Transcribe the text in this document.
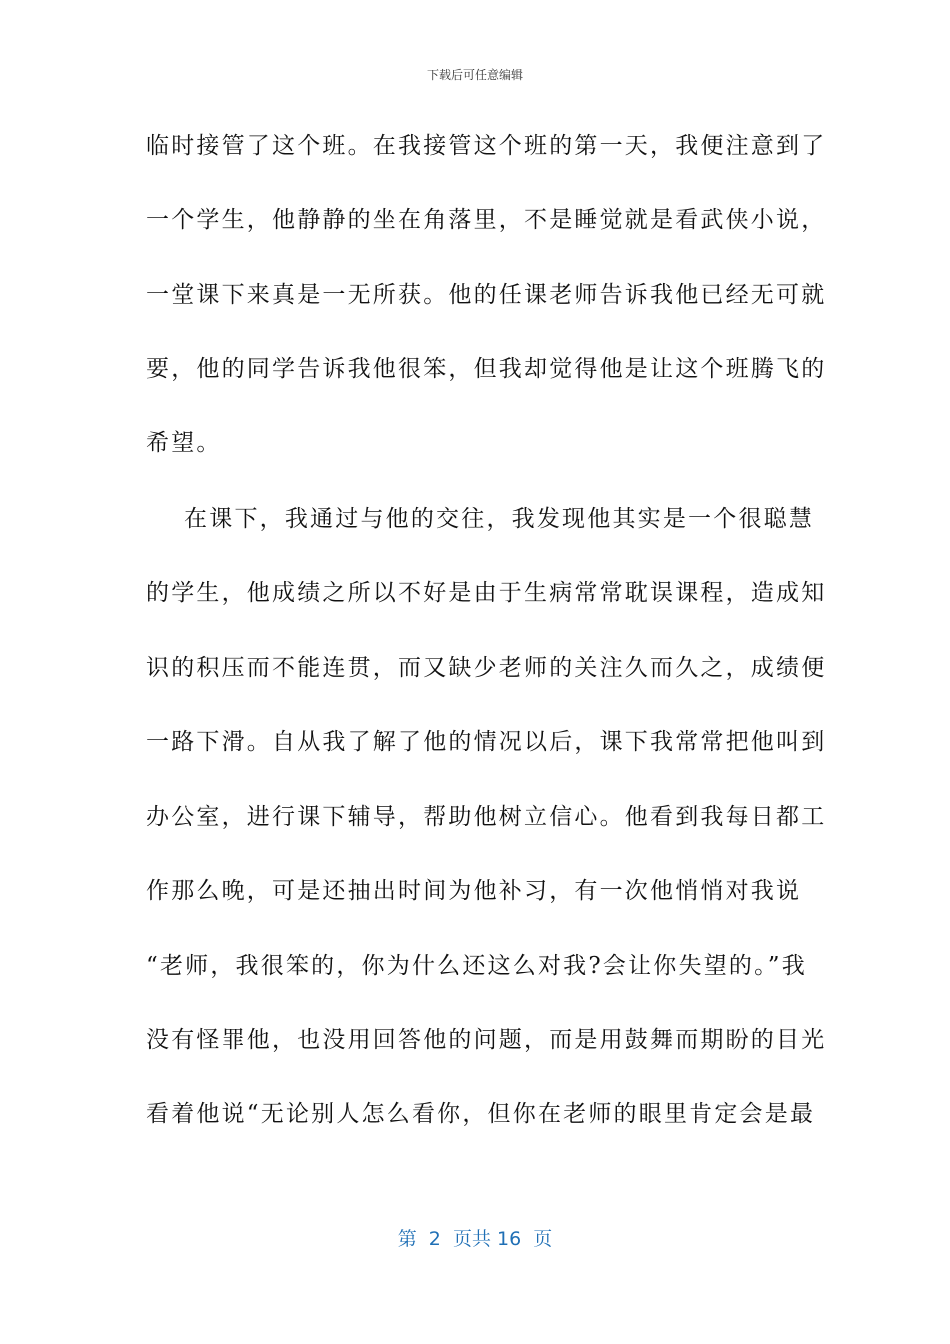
下载后可任意编辑
临时接管了这个班。在我接管这个班的第一天，我便注意到了
一个学生，他静静的坐在角落里，不是睡觉就是看武侠小说，
一堂课下来真是一无所获。他的任课老师告诉我他已经无可就
要，他的同学告诉我他很笨，但我却觉得他是让这个班腾飞的
希望。
在课下，我通过与他的交往，我发现他其实是一个很聪慧
的学生，他成绩之所以不好是由于生病常常耽误课程，造成知
识的积压而不能连贯，而又缺少老师的关注久而久之，成绩便
一路下滑。自从我了解了他的情况以后，课下我常常把他叫到
办公室，进行课下辅导，帮助他树立信心。他看到我每日都工
作那么晚，可是还抽出时间为他补习，有一次他悄悄对我说
“老师，我很笨的，你为什么还这么对我?会让你失望的。”我
没有怪罪他，也没用回答他的问题，而是用鼓舞而期盼的目光
看着他说“无论别人怎么看你，但你在老师的眼里肯定会是最
第  2  页共 16  页
